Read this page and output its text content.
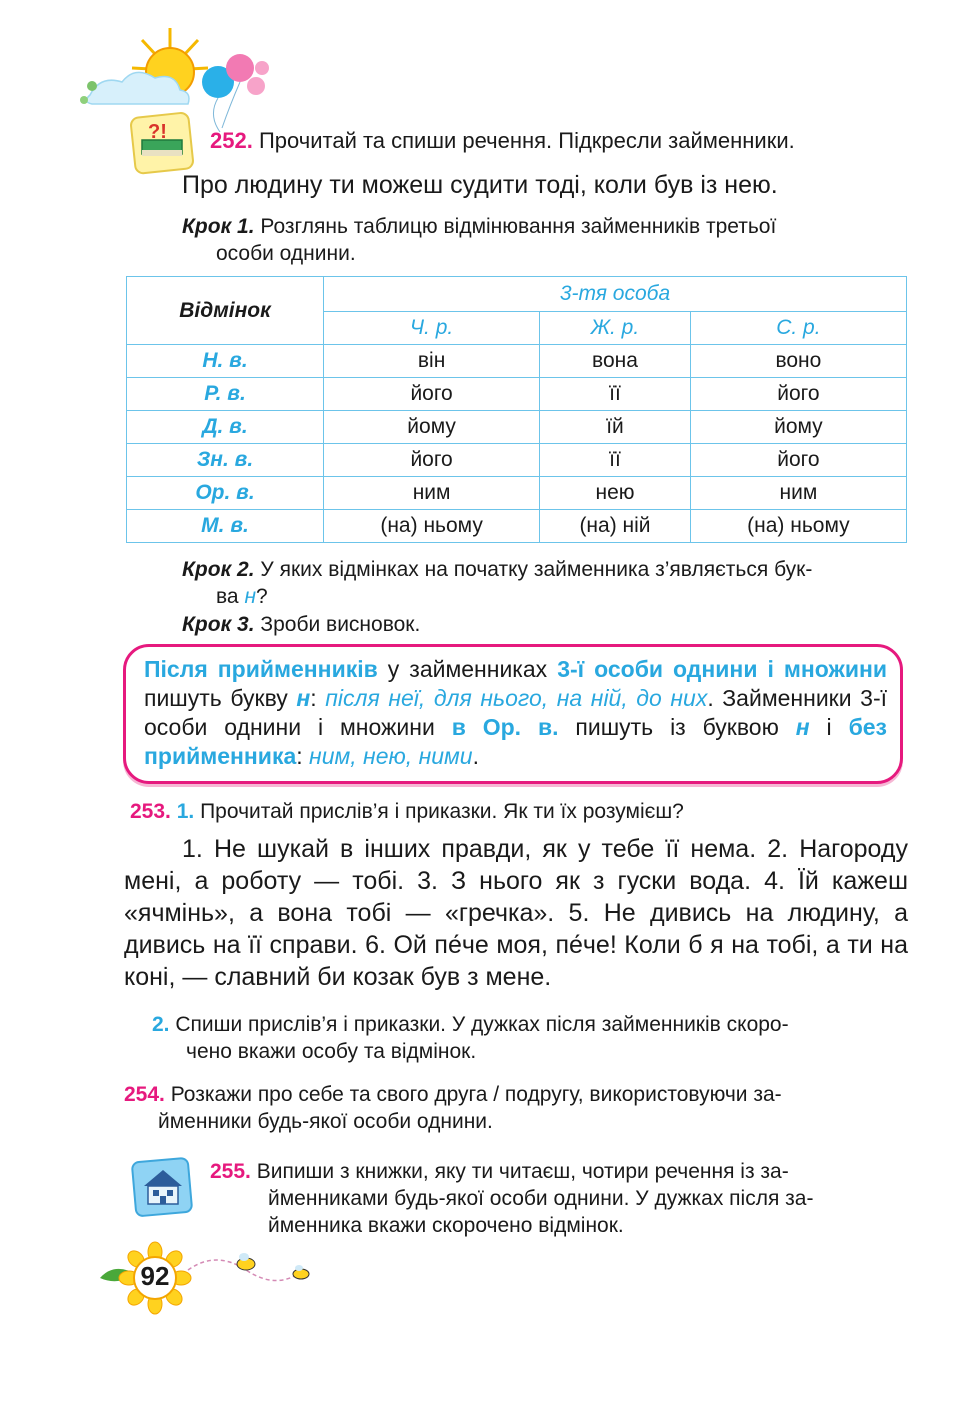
?! 252. Прочитай та спиши речення. Підкресли займенники.
Про людину ти можеш судити тоді, коли був із нею.
Крок 1. Розглянь таблицю відмінювання займенників третьої
особи однини.
Відмінок	3-тя особа		
	Ч. р.	Ж. р.	С. р.
Н. в.	він	вона	воно
Р. в.	його	її	його
Д. в.	йому	їй	йому
Зн. в.	його	її	його
Ор. в.	ним	нею	ним
М. в.	(на) ньому	(на) ній	(на) ньому
Крок 2. У яких відмінках на початку займенника з’являється бук-
ва н?
Крок 3. Зроби висновок.
Після прийменників у займенниках 3-ї особи однини і множини пишуть букву н: після неї, для нього, на ній, до них. Займенники 3-ї особи однини і множини в Ор. в. пишуть із буквою н і без прийменника: ним, нею, ними.
253. 1. Прочитай прислів’я і приказки. Як ти їх розумієш?
1. Не шукай в інших правди, як у тебе її нема. 2. Нагороду мені, а роботу — тобі. 3. З нього як з гуски вода. 4. Їй кажеш «ячмінь», а вона тобі — «гречка». 5. Не дивись на людину, а дивись на її справи. 6. Ой пе́че моя, пе́че! Коли б я на тобі, а ти на коні, — славний би козак був з мене.
2. Спиши прислів’я і приказки. У дужках після займенників скоро-
чено вкажи особу та відмінок.
254. Розкажи про себе та свого друга / подругу, використовуючи за-
йменники будь-якої особи однини.
255. Випиши з книжки, яку ти читаєш, чотири речення із за-
йменниками будь-якої особи однини. У дужках після за-
йменника вкажи скорочено відмінок.
92
